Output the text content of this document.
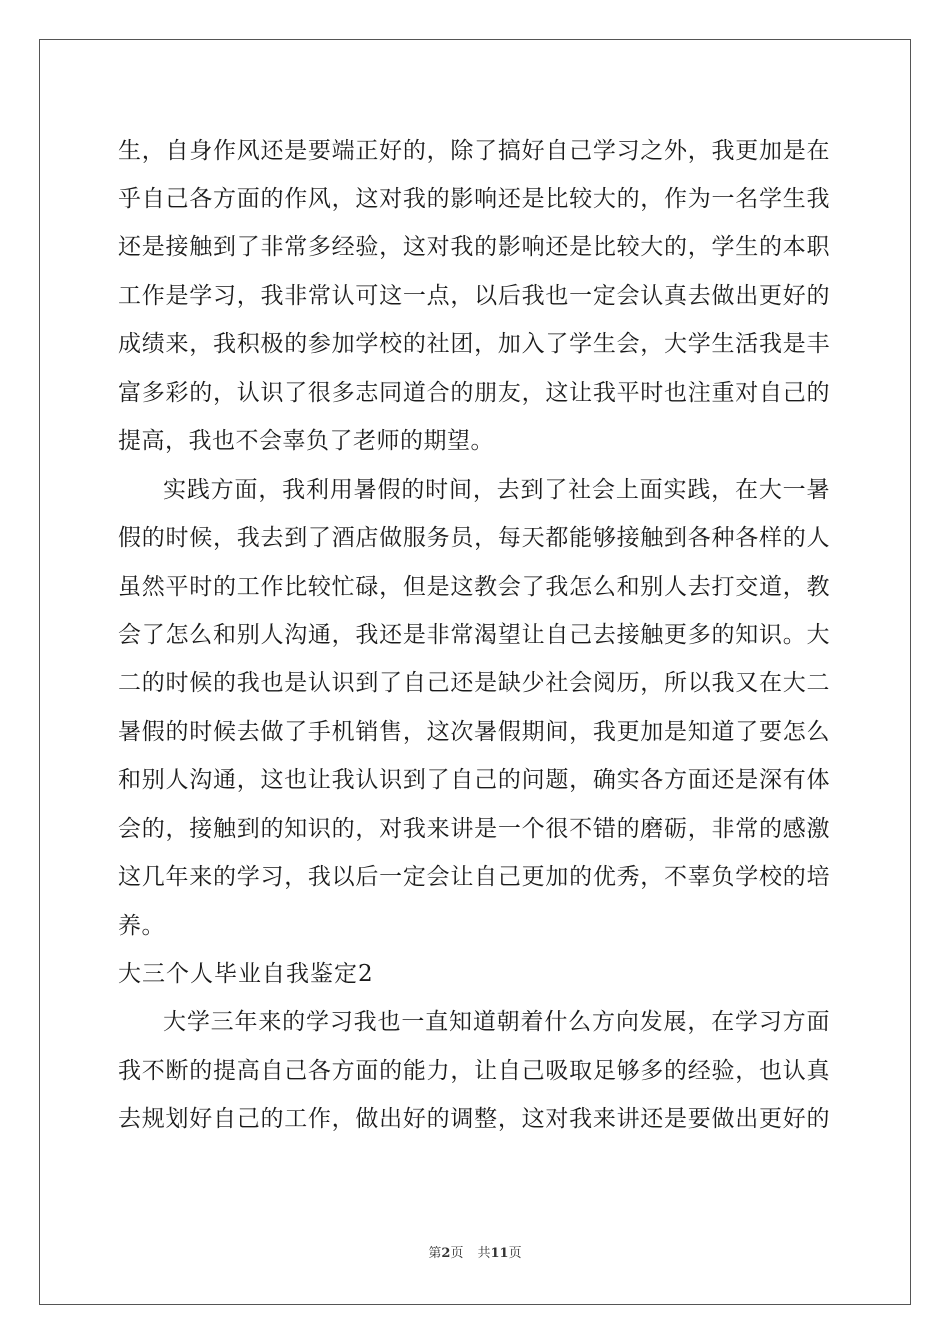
生，自身作风还是要端正好的，除了搞好自己学习之外，我更加是在
乎自己各方面的作风，这对我的影响还是比较大的，作为一名学生我
还是接触到了非常多经验，这对我的影响还是比较大的，学生的本职
工作是学习，我非常认可这一点，以后我也一定会认真去做出更好的
成绩来，我积极的参加学校的社团，加入了学生会，大学生活我是丰
富多彩的，认识了很多志同道合的朋友，这让我平时也注重对自己的
提高，我也不会辜负了老师的期望。
实践方面，我利用暑假的时间，去到了社会上面实践，在大一暑
假的时候，我去到了酒店做服务员，每天都能够接触到各种各样的人
虽然平时的工作比较忙碌，但是这教会了我怎么和别人去打交道，教
会了怎么和别人沟通，我还是非常渴望让自己去接触更多的知识。大
二的时候的我也是认识到了自己还是缺少社会阅历，所以我又在大二
暑假的时候去做了手机销售，这次暑假期间，我更加是知道了要怎么
和别人沟通，这也让我认识到了自己的问题，确实各方面还是深有体
会的，接触到的知识的，对我来讲是一个很不错的磨砺，非常的感激
这几年来的学习，我以后一定会让自己更加的优秀，不辜负学校的培
养。
大三个人毕业自我鉴定2
大学三年来的学习我也一直知道朝着什么方向发展，在学习方面
我不断的提高自己各方面的能力，让自己吸取足够多的经验，也认真
去规划好自己的工作，做出好的调整，这对我来讲还是要做出更好的
第2页 共11页
